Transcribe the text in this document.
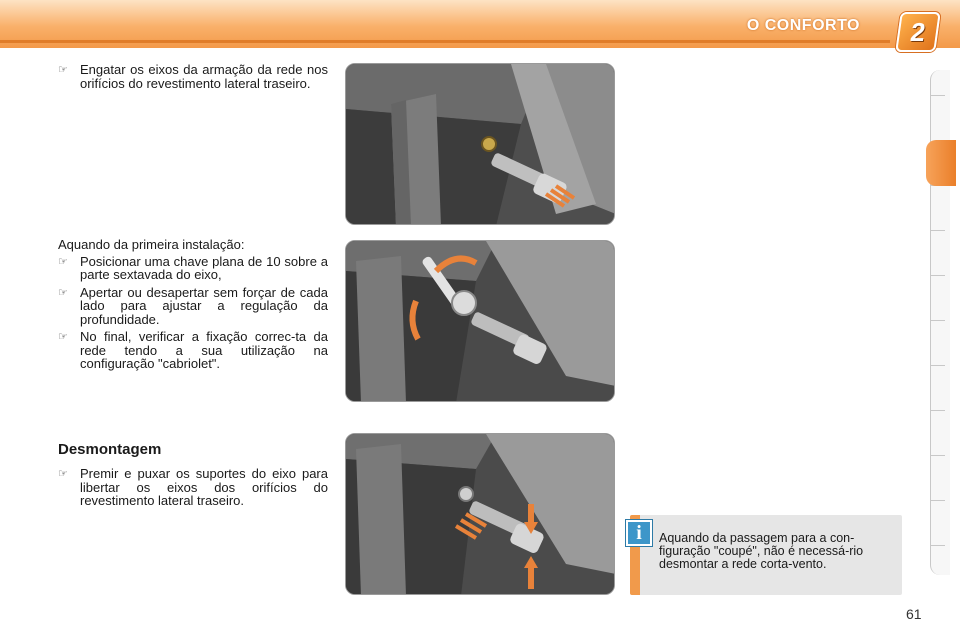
O CONFORTO	2
☞ Engatar os eixos da armação da rede nos orifícios do revestimento lateral traseiro.
Aquando da primeira instalação:
☞ Posicionar uma chave plana de 10 sobre a parte sextavada do eixo,
☞ Apertar ou desapertar sem forçar de cada lado para ajustar a regulação da profundidade.
☞ No final, verificar a fixação correc-ta da rede tendo a sua utilização na configuração "cabriolet".
Desmontagem
☞ Premir e puxar os suportes do eixo para libertar os eixos dos orifícios do revestimento lateral traseiro.
i	Aquando da passagem para a con-figuração "coupé", não é necessá-rio desmontar a rede corta-vento.
61
